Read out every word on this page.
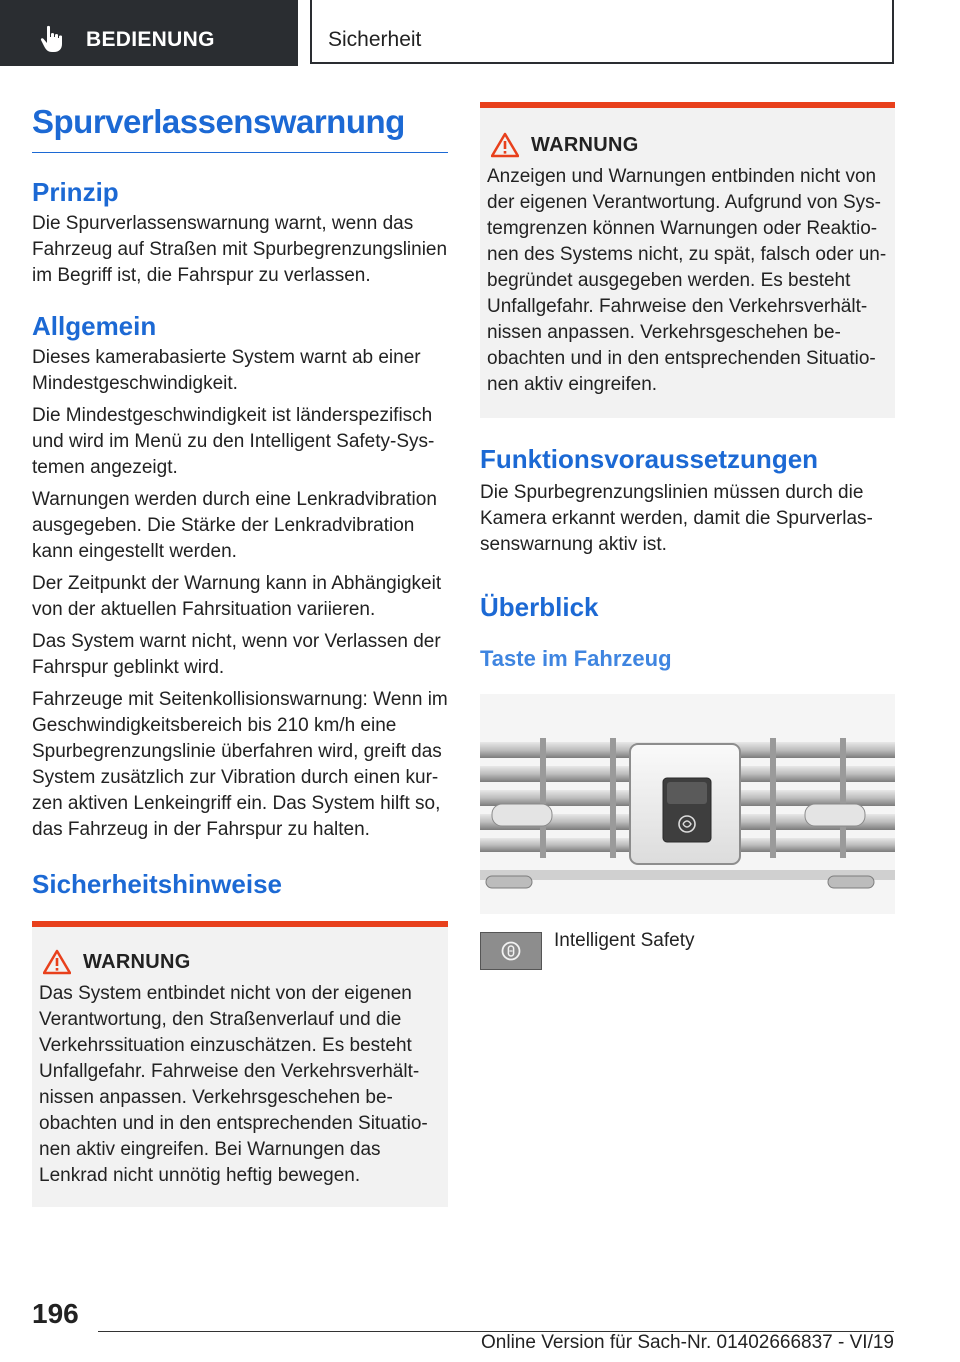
BEDIENUNG	Sicherheit
Spurverlassenswarnung
Prinzip

Die Spurverlassenswarnung warnt, wenn das Fahrzeug auf Straßen mit Spurbegrenzungslinien im Begriff ist, die Fahrspur zu verlassen.

Allgemein

Dieses kamerabasierte System warnt ab einer Mindestgeschwindigkeit.

Die Mindestgeschwindigkeit ist länderspezifisch und wird im Menü zu den Intelligent Safety-Sys‐ temen angezeigt.

Warnungen werden durch eine Lenkradvibration ausgegeben. Die Stärke der Lenkradvibration kann eingestellt werden.

Der Zeitpunkt der Warnung kann in Abhängigkeit von der aktuellen Fahrsituation variieren.

Das System warnt nicht, wenn vor Verlassen der Fahrspur geblinkt wird.

Fahrzeuge mit Seitenkollisionswarnung: Wenn im Geschwindigkeitsbereich bis 210 km/h eine Spurbegrenzungslinie überfahren wird, greift das System zusätzlich zur Vibration durch einen kur‐ zen aktiven Lenkeingriff ein. Das System hilft so, das Fahrzeug in der Fahrspur zu halten.

Sicherheitshinweise
WARNUNG

Das System entbindet nicht von der eigenen Verantwortung, den Straßenverlauf und die Verkehrssituation einzuschätzen. Es besteht Unfallgefahr. Fahrweise den Verkehrsverhält‐ nissen anpassen. Verkehrsgeschehen be‐ obachten und in den entsprechenden Situatio‐ nen aktiv eingreifen. Bei Warnungen das Lenkrad nicht unnötig heftig bewegen.

WARNUNG

Anzeigen und Warnungen entbinden nicht von der eigenen Verantwortung. Aufgrund von Sys‐ temgrenzen können Warnungen oder Reaktio‐ nen des Systems nicht, zu spät, falsch oder un‐ begründet ausgegeben werden. Es besteht Unfallgefahr. Fahrweise den Verkehrsverhält‐ nissen anpassen. Verkehrsgeschehen be‐ obachten und in den entsprechenden Situatio‐ nen aktiv eingreifen.

Funktionsvoraussetzungen

Die Spurbegrenzungslinien müssen durch die Kamera erkannt werden, damit die Spurverlas‐ senswarnung aktiv ist.

Überblick
Taste im Fahrzeug

Intelligent Safety

196
Online Version für Sach-Nr. 01402666837 - VI/19
